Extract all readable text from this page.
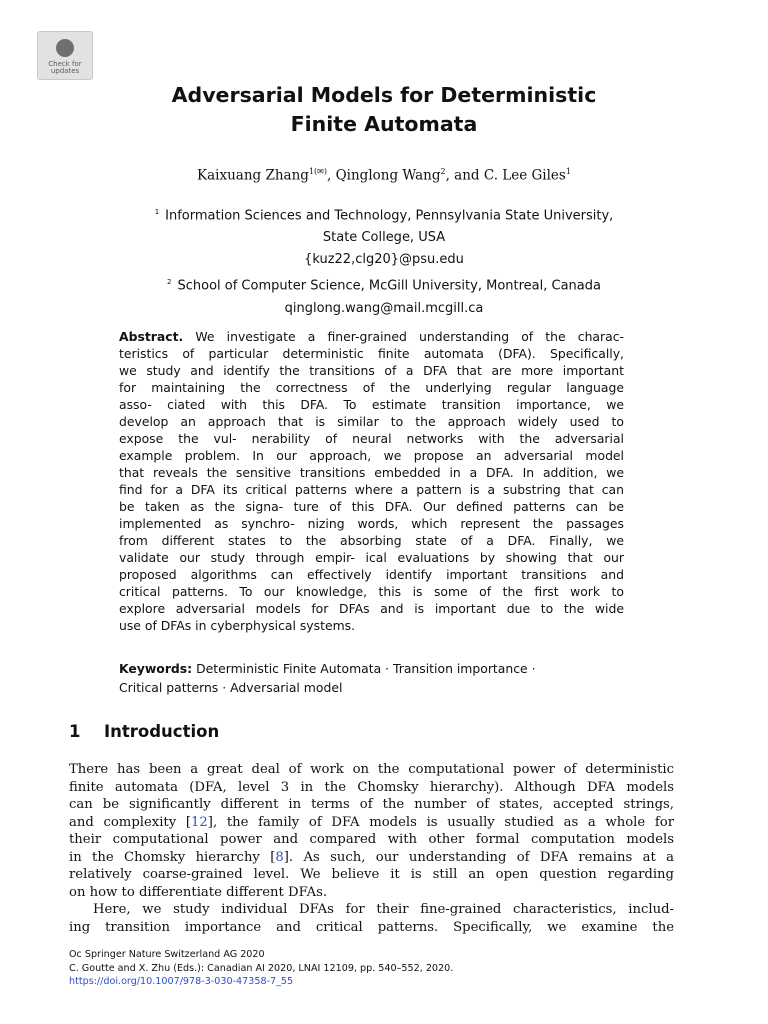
Check for
updates
Adversarial Models for Deterministic
Finite Automata
Kaixuang Zhang$^{1(✉)}$, Qinglong Wang$^2$, and C. Lee Giles$^1$
$^1$ Information Sciences and Technology, Pennsylvania State University,
State College, USA
{kuz22,clg20}@psu.edu
$^2$ School of Computer Science, McGill University, Montreal, Canada
qinglong.wang@mail.mcgill.ca
Abstract. We investigate a finer-grained understanding of the charac-
teristics of particular deterministic finite automata (DFA). Specifically,
we study and identify the transitions of a DFA that are more important
for maintaining the correctness of the underlying regular language
asso- ciated with this DFA. To estimate transition importance, we
develop an approach that is similar to the approach widely used to
expose the vul- nerability of neural networks with the adversarial
example problem. In our approach, we propose an adversarial model
that reveals the sensitive transitions embedded in a DFA. In addition, we
find for a DFA its critical patterns where a pattern is a substring that can
be taken as the signa- ture of this DFA. Our defined patterns can be
implemented as synchro- nizing words, which represent the passages
from different states to the absorbing state of a DFA. Finally, we
validate our study through empir- ical evaluations by showing that our
proposed algorithms can effectively identify important transitions and
critical patterns. To our knowledge, this is some of the first work to
explore adversarial models for DFAs and is important due to the wide
use of DFAs in cyberphysical systems.
Keywords: Deterministic Finite Automata · Transition importance ·
Critical patterns · Adversarial model
1 Introduction
There has been a great deal of work on the computational power of deterministic
finite automata (DFA, level 3 in the Chomsky hierarchy). Although DFA models
can be significantly different in terms of the number of states, accepted strings,
and complexity [12], the family of DFA models is usually studied as a whole for
their computational power and compared with other formal computation models
in the Chomsky hierarchy [8]. As such, our understanding of DFA remains at a
relatively coarse-grained level. We believe it is still an open question regarding
on how to differentiate different DFAs.
Here, we study individual DFAs for their fine-grained characteristics, includ-
ing transition importance and critical patterns. Specifically, we examine the
Oc Springer Nature Switzerland AG 2020
C. Goutte and X. Zhu (Eds.): Canadian AI 2020, LNAI 12109, pp. 540–552, 2020.
https://doi.org/10.1007/978-3-030-47358-7_55
